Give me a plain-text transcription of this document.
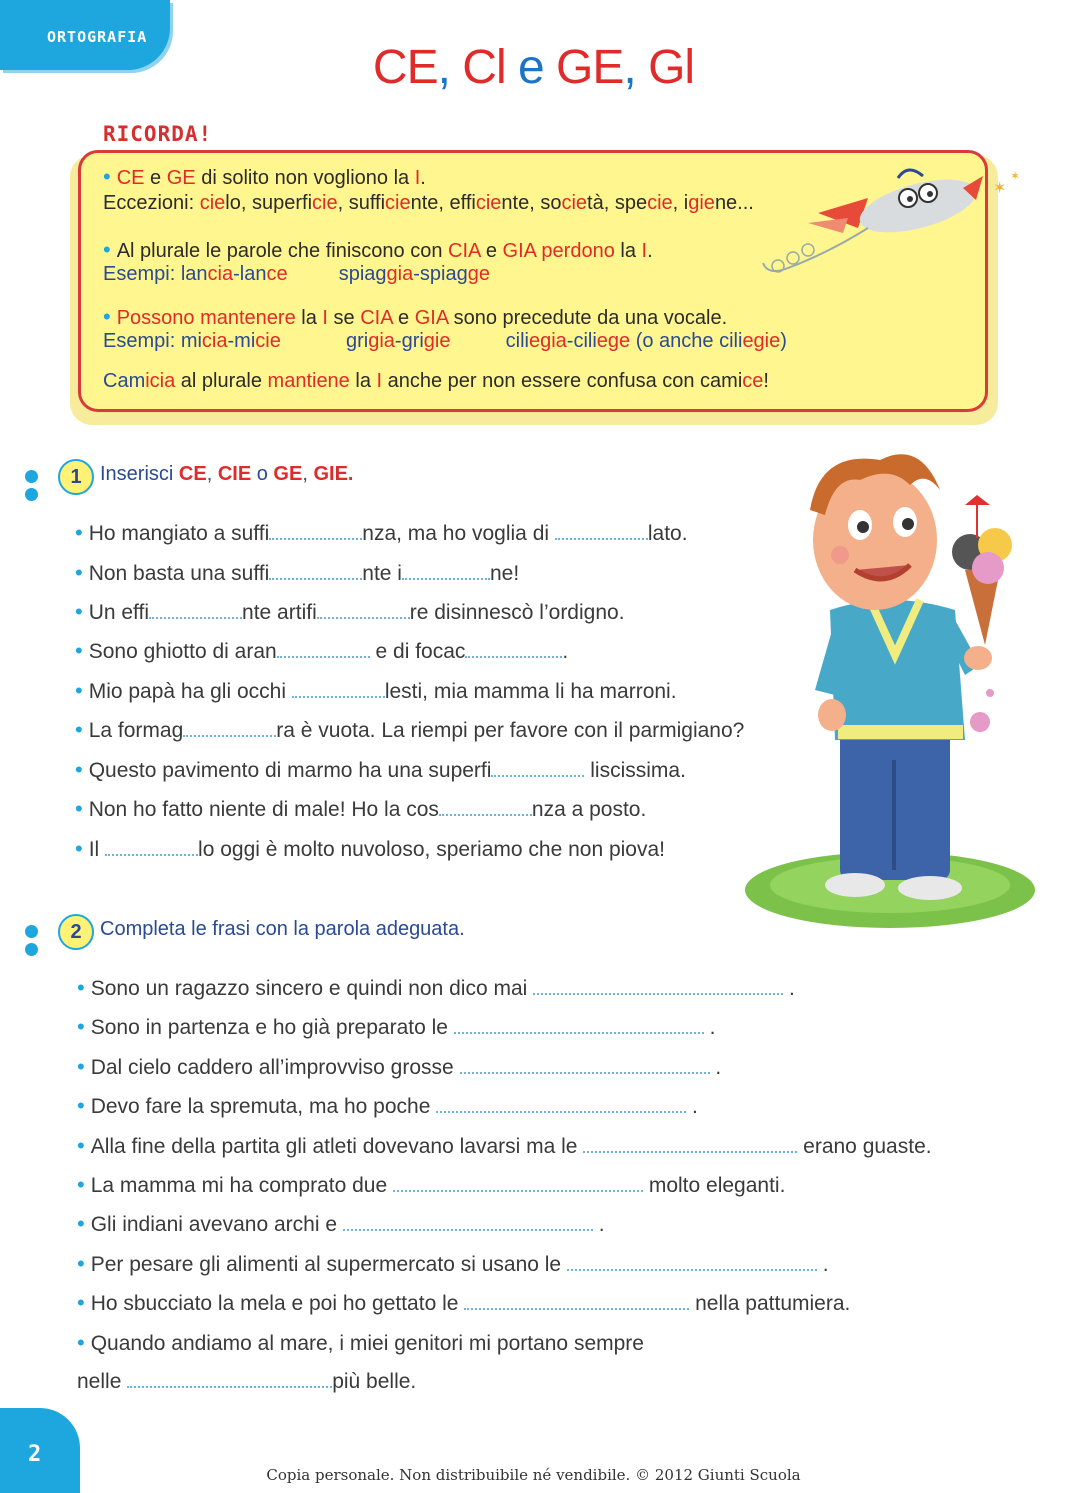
ORTOGRAFIA
CE, Cl e GE, Gl
RICORDA!
• CE e GE di solito non vogliono la I.
Eccezioni: cielo, superficie, sufficiente, efficiente, società, specie, igiene...
• Al plurale le parole che finiscono con CIA e GIA perdono la I.
Esempi: lancia-lance	spiaggia-spiagge
• Possono mantenere la I se CIA e GIA sono precedute da una vocale.
Esempi: micia-micie	grigia-grigie	ciliegia-ciliege (o anche ciliegie)
Camicia al plurale mantiene la I anche per non essere confusa con camice!
✶
✶
1 Inserisci CE, CIE o GE, GIE.
• Ho mangiato a suffi	nza, ma ho voglia di	lato.
• Non basta una suffi	nte i	ne!
• Un effi	nte artifi	re disinnescò l’ordigno.
• Sono ghiotto di aran	e di focac	.
• Mio papà ha gli occhi	lesti, mia mamma li ha marroni.
• La formag	ra è vuota. La riempi per favore con il parmigiano?
• Questo pavimento di marmo ha una superfi	liscissima.
• Non ho fatto niente di male! Ho la cos	nza a posto.
• Il	lo oggi è molto nuvoloso, speriamo che non piova!
2 Completa le frasi con la parola adeguata.
• Sono un ragazzo sincero e quindi non dico mai	.
• Sono in partenza e ho già preparato le	.
• Dal cielo caddero all’improvviso grosse	.
• Devo fare la spremuta, ma ho poche	.
• Alla fine della partita gli atleti dovevano lavarsi ma le	erano guaste.
• La mamma mi ha comprato due	molto eleganti.
• Gli indiani avevano archi e	.
• Per pesare gli alimenti al supermercato si usano le	.
• Ho sbucciato la mela e poi ho gettato le	nella pattumiera.
• Quando andiamo al mare, i miei genitori mi portano sempre
nelle	più belle.
2
Copia personale. Non distribuibile né vendibile. © 2012 Giunti Scuola
